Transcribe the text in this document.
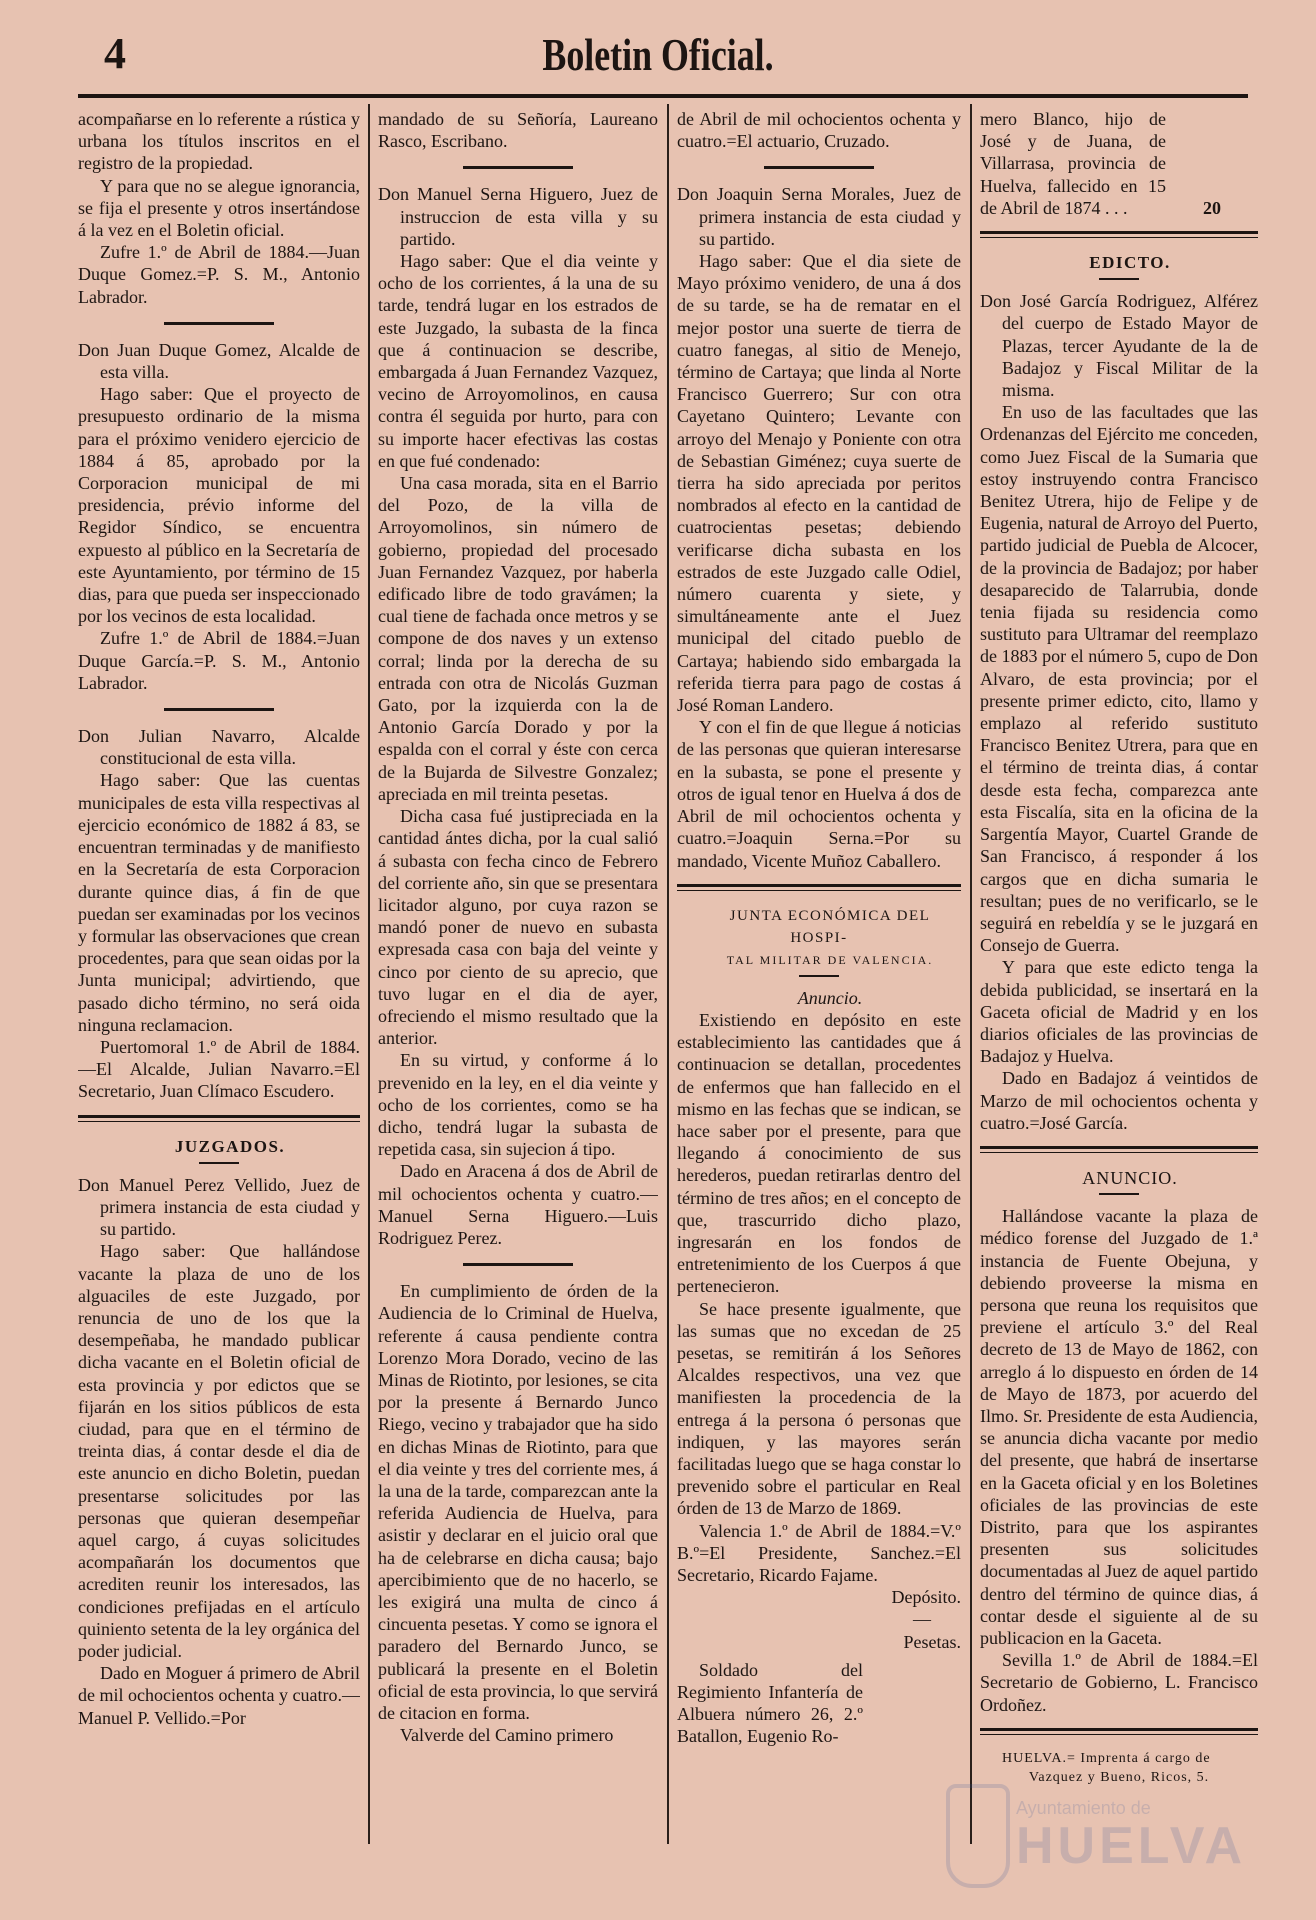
4	Boletin Oficial.

acompañarse en lo referente a rústica y urbana los títulos inscritos en el registro de la propiedad.

Y para que no se alegue ignorancia, se fija el presente y otros insertándose á la vez en el Boletin oficial.

Zufre 1.º de Abril de 1884.—Juan Duque Gomez.=P. S. M., Antonio Labrador.

Don Juan Duque Gomez, Alcalde de esta villa.

Hago saber: Que el proyecto de presupuesto ordinario de la misma para el próximo venidero ejercicio de 1884 á 85, aprobado por la Corporacion municipal de mi presidencia, prévio informe del Regidor Síndico, se encuentra expuesto al público en la Secretaría de este Ayuntamiento, por término de 15 dias, para que pueda ser inspeccionado por los vecinos de esta localidad.

Zufre 1.º de Abril de 1884.=Juan Duque García.=P. S. M., Antonio Labrador.

Don Julian Navarro, Alcalde constitucional de esta villa.

Hago saber: Que las cuentas municipales de esta villa respectivas al ejercicio económico de 1882 á 83, se encuentran terminadas y de manifiesto en la Secretaría de esta Corporacion durante quince dias, á fin de que puedan ser examinadas por los vecinos y formular las observaciones que crean procedentes, para que sean oidas por la Junta municipal; advirtiendo, que pasado dicho término, no será oida ninguna reclamacion.

Puertomoral 1.º de Abril de 1884.—El Alcalde, Julian Navarro.=El Secretario, Juan Clímaco Escudero.

JUZGADOS.

Don Manuel Perez Vellido, Juez de primera instancia de esta ciudad y su partido.

Hago saber: Que hallándose vacante la plaza de uno de los alguaciles de este Juzgado, por renuncia de uno de los que la desempeñaba, he mandado publicar dicha vacante en el Boletin oficial de esta provincia y por edictos que se fijarán en los sitios públicos de esta ciudad, para que en el término de treinta dias, á contar desde el dia de este anuncio en dicho Boletin, puedan presentarse solicitudes por las personas que quieran desempeñar aquel cargo, á cuyas solicitudes acompañarán los documentos que acrediten reunir los interesados, las condiciones prefijadas en el artículo quiniento setenta de la ley orgánica del poder judicial.

Dado en Moguer á primero de Abril de mil ochocientos ochenta y cuatro.—Manuel P. Vellido.=Por

mandado de su Señoría, Laureano Rasco, Escribano.

Don Manuel Serna Higuero, Juez de instruccion de esta villa y su partido.

Hago saber: Que el dia veinte y ocho de los corrientes, á la una de su tarde, tendrá lugar en los estrados de este Juzgado, la subasta de la finca que á continuacion se describe, embargada á Juan Fernandez Vazquez, vecino de Arroyomolinos, en causa contra él seguida por hurto, para con su importe hacer efectivas las costas en que fué condenado:

Una casa morada, sita en el Barrio del Pozo, de la villa de Arroyomolinos, sin número de gobierno, propiedad del procesado Juan Fernandez Vazquez, por haberla edificado libre de todo gravámen; la cual tiene de fachada once metros y se compone de dos naves y un extenso corral; linda por la derecha de su entrada con otra de Nicolás Guzman Gato, por la izquierda con la de Antonio García Dorado y por la espalda con el corral y éste con cerca de la Bujarda de Silvestre Gonzalez; apreciada en mil treinta pesetas.

Dicha casa fué justipreciada en la cantidad ántes dicha, por la cual salió á subasta con fecha cinco de Febrero del corriente año, sin que se presentara licitador alguno, por cuya razon se mandó poner de nuevo en subasta expresada casa con baja del veinte y cinco por ciento de su aprecio, que tuvo lugar en el dia de ayer, ofreciendo el mismo resultado que la anterior.

En su virtud, y conforme á lo prevenido en la ley, en el dia veinte y ocho de los corrientes, como se ha dicho, tendrá lugar la subasta de repetida casa, sin sujecion á tipo.

Dado en Aracena á dos de Abril de mil ochocientos ochenta y cuatro.—Manuel Serna Higuero.—Luis Rodriguez Perez.

En cumplimiento de órden de la Audiencia de lo Criminal de Huelva, referente á causa pendiente contra Lorenzo Mora Dorado, vecino de las Minas de Riotinto, por lesiones, se cita por la presente á Bernardo Junco Riego, vecino y trabajador que ha sido en dichas Minas de Riotinto, para que el dia veinte y tres del corriente mes, á la una de la tarde, comparezcan ante la referida Audiencia de Huelva, para asistir y declarar en el juicio oral que ha de celebrarse en dicha causa; bajo apercibimiento que de no hacerlo, se les exigirá una multa de cinco á cincuenta pesetas. Y como se ignora el paradero del Bernardo Junco, se publicará la presente en el Boletin oficial de esta provincia, lo que servirá de citacion en forma.

Valverde del Camino primero

de Abril de mil ochocientos ochenta y cuatro.=El actuario, Cruzado.

Don Joaquin Serna Morales, Juez de primera instancia de esta ciudad y su partido.

Hago saber: Que el dia siete de Mayo próximo venidero, de una á dos de su tarde, se ha de rematar en el mejor postor una suerte de tierra de cuatro fanegas, al sitio de Menejo, término de Cartaya; que linda al Norte Francisco Guerrero; Sur con otra Cayetano Quintero; Levante con arroyo del Menajo y Poniente con otra de Sebastian Giménez; cuya suerte de tierra ha sido apreciada por peritos nombrados al efecto en la cantidad de cuatrocientas pesetas; debiendo verificarse dicha subasta en los estrados de este Juzgado calle Odiel, número cuarenta y siete, y simultáneamente ante el Juez municipal del citado pueblo de Cartaya; habiendo sido embargada la referida tierra para pago de costas á José Roman Landero.

Y con el fin de que llegue á noticias de las personas que quieran interesarse en la subasta, se pone el presente y otros de igual tenor en Huelva á dos de Abril de mil ochocientos ochenta y cuatro.=Joaquin Serna.=Por su mandado, Vicente Muñoz Caballero.

JUNTA ECONÓMICA DEL HOSPI-

TAL MILITAR DE VALENCIA.

Anuncio.

Existiendo en depósito en este establecimiento las cantidades que á continuacion se detallan, procedentes de enfermos que han fallecido en el mismo en las fechas que se indican, se hace saber por el presente, para que llegando á conocimiento de sus herederos, puedan retirarlas dentro del término de tres años; en el concepto de que, trascurrido dicho plazo, ingresarán en los fondos de entretenimiento de los Cuerpos á que pertenecieron.

Se hace presente igualmente, que las sumas que no excedan de 25 pesetas, se remitirán á los Señores Alcaldes respectivos, una vez que manifiesten la procedencia de la entrega á la persona ó personas que indiquen, y las mayores serán facilitadas luego que se haga constar lo prevenido sobre el particular en Real órden de 13 de Marzo de 1869.

Valencia 1.º de Abril de 1884.=V.º B.º=El Presidente, Sanchez.=El Secretario, Ricardo Fajame.

Depósito.

—

Pesetas.

Soldado del Regimiento Infantería de Albuera número 26, 2.º Batallon, Eugenio Ro-

mero Blanco, hijo de José y de Juana, de Villarrasa, provincia de Huelva, fallecido en 15 de Abril de 1874 . . .	20

EDICTO.

Don José García Rodriguez, Alférez del cuerpo de Estado Mayor de Plazas, tercer Ayudante de la de Badajoz y Fiscal Militar de la misma.

En uso de las facultades que las Ordenanzas del Ejército me conceden, como Juez Fiscal de la Sumaria que estoy instruyendo contra Francisco Benitez Utrera, hijo de Felipe y de Eugenia, natural de Arroyo del Puerto, partido judicial de Puebla de Alcocer, de la provincia de Badajoz; por haber desaparecido de Talarrubia, donde tenia fijada su residencia como sustituto para Ultramar del reemplazo de 1883 por el número 5, cupo de Don Alvaro, de esta provincia; por el presente primer edicto, cito, llamo y emplazo al referido sustituto Francisco Benitez Utrera, para que en el término de treinta dias, á contar desde esta fecha, comparezca ante esta Fiscalía, sita en la oficina de la Sargentía Mayor, Cuartel Grande de San Francisco, á responder á los cargos que en dicha sumaria le resultan; pues de no verificarlo, se le seguirá en rebeldía y se le juzgará en Consejo de Guerra.

Y para que este edicto tenga la debida publicidad, se insertará en la Gaceta oficial de Madrid y en los diarios oficiales de las provincias de Badajoz y Huelva.

Dado en Badajoz á veintidos de Marzo de mil ochocientos ochenta y cuatro.=José García.

ANUNCIO.

Hallándose vacante la plaza de médico forense del Juzgado de 1.ª instancia de Fuente Obejuna, y debiendo proveerse la misma en persona que reuna los requisitos que previene el artículo 3.º del Real decreto de 13 de Mayo de 1862, con arreglo á lo dispuesto en órden de 14 de Mayo de 1873, por acuerdo del Ilmo. Sr. Presidente de esta Audiencia, se anuncia dicha vacante por medio del presente, que habrá de insertarse en la Gaceta oficial y en los Boletines oficiales de las provincias de este Distrito, para que los aspirantes presenten sus solicitudes documentadas al Juez de aquel partido dentro del término de quince dias, á contar desde el siguiente al de su publicacion en la Gaceta.

Sevilla 1.º de Abril de 1884.=El Secretario de Gobierno, L. Francisco Ordoñez.

HUELVA.= Imprenta á cargo de

Vazquez y Bueno, Ricos, 5.

Ayuntamiento de
HUELVA
